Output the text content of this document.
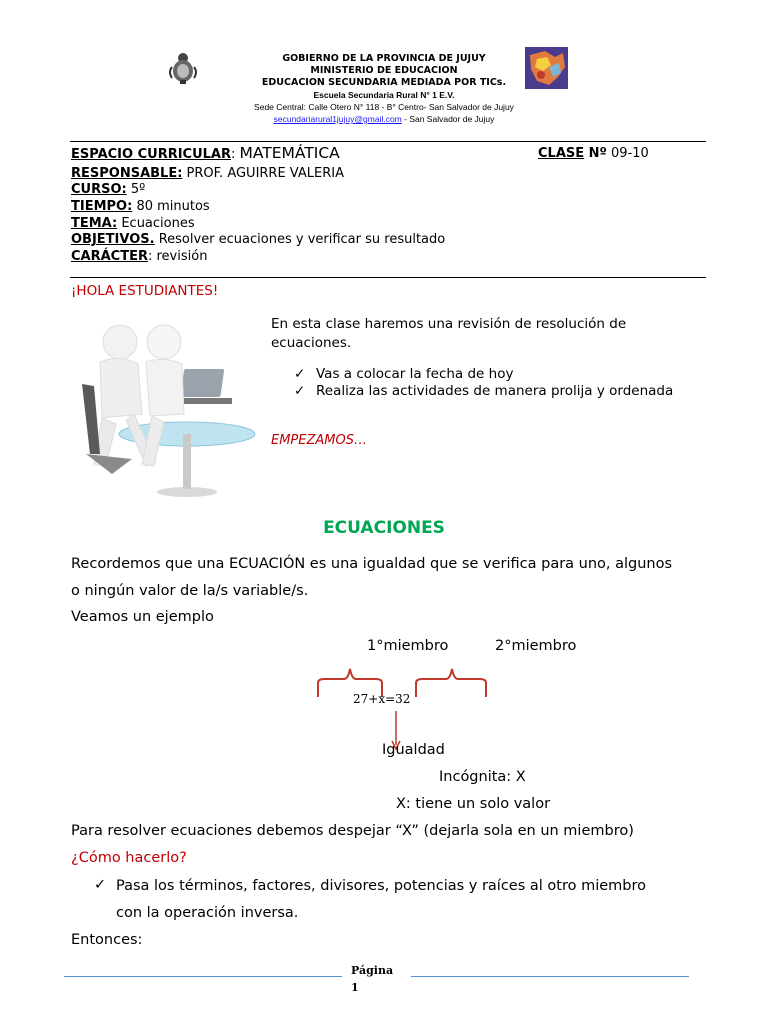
GOBIERNO DE LA PROVINCIA DE JUJUY
MINISTERIO DE EDUCACION
EDUCACION SECUNDARIA MEDIADA POR TICs.
Escuela Secundaria Rural N° 1 E.V.
Sede Central: Calle Otero N° 118 - B° Centro- San Salvador de Jujuy
secundariarural1jujuy@gmail.com - San Salvador de Jujuy
ESPACIO CURRICULAR: MATEMÁTICA	CLASE Nº 09-10
RESPONSABLE: PROF. AGUIRRE VALERIA
CURSO: 5º
TIEMPO: 80 minutos
TEMA: Ecuaciones
OBJETIVOS. Resolver ecuaciones y verificar su resultado
CARÁCTER: revisión
¡HOLA ESTUDIANTES!
En esta clase haremos una revisión de resolución de
ecuaciones.
✓ Vas a colocar la fecha de hoy
✓ Realiza las actividades de manera prolija y ordenada
EMPEZAMOS…
ECUACIONES
Recordemos que una ECUACIÓN es una igualdad que se verifica para uno, algunos
o ningún valor de la/s variable/s.
Veamos un ejemplo
1°miembro	2°miembro
27+x=32
Igualdad
Incógnita: X
X: tiene un solo valor
Para resolver ecuaciones debemos despejar “X” (dejarla sola en un miembro)
¿Cómo hacerlo?
✓ Pasa los términos, factores, divisores, potencias y raíces al otro miembro
con la operación inversa.
Entonces:
Página
1
